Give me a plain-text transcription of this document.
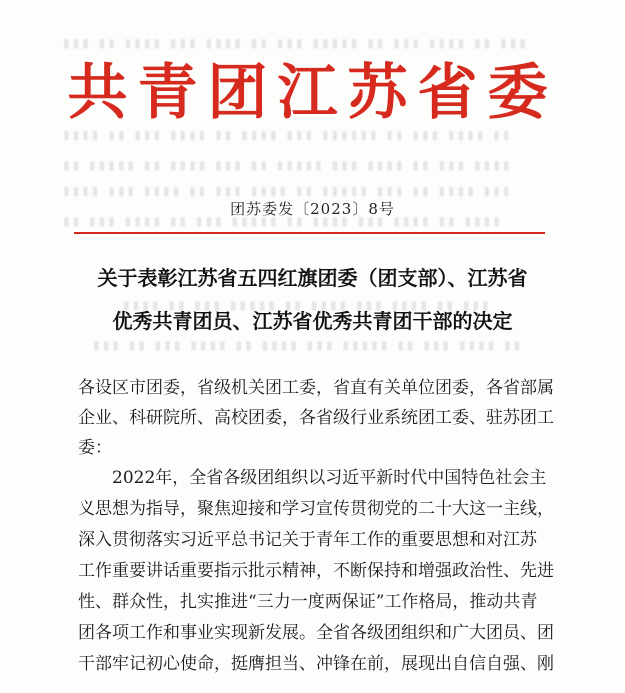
▮▮▮ ▮▮ ▮▮▮▮ ▮▮▮ ▮▮ ▮▮▮▮▮ ▮▮▮ ▮▮ ▮▮▮▮ ▮▮▮ ▮▮▮▮ ▮▮ ▮▮▮
▮▮ ▮▮▮▮ ▮▮▮ ▮▮ ▮▮▮▮▮▮ ▮▮▮ ▮▮▮▮ ▮▮ ▮▮▮▮ ▮▮▮ ▮▮ ▮▮▮▮
▮▮▮▮ ▮▮▮ ▮▮ ▮▮▮▮ ▮▮▮ ▮▮▮▮▮ ▮▮ ▮▮▮ ▮▮▮▮ ▮▮ ▮▮▮▮▮ ▮▮
▮▮▮ ▮▮▮▮ ▮▮ ▮▮▮ ▮▮▮▮▮ ▮▮ ▮▮▮▮ ▮▮▮ ▮▮ ▮▮▮▮ ▮▮▮ ▮▮▮▮
▮▮▮▮ ▮▮ ▮▮▮▮ ▮▮▮ ▮▮▮▮ ▮▮ ▮▮▮▮▮ ▮▮▮ ▮▮ ▮▮▮▮ ▮▮▮ ▮▮
▮▮▮ ▮▮ ▮▮▮▮ ▮▮▮ ▮▮▮▮ ▮▮ ▮▮▮▮▮ ▮▮▮ ▮▮ ▮▮▮▮
▮▮ ▮▮▮▮ ▮▮▮ ▮▮ ▮▮▮▮▮ ▮▮▮ ▮▮▮▮ ▮▮ ▮▮▮▮ ▮▮▮ ▮▮ ▮▮▮
共青团江苏省委
团苏委发〔2023〕8号
关于表彰江苏省五四红旗团委（团支部）、江苏省
优秀共青团员、江苏省优秀共青团干部的决定
各设区市团委，省级机关团工委，省直有关单位团委，各省部属
企业、科研院所、高校团委，各省级行业系统团工委、驻苏团工
委：
2022年，全省各级团组织以习近平新时代中国特色社会主
义思想为指导，聚焦迎接和学习宣传贯彻党的二十大这一主线，
深入贯彻落实习近平总书记关于青年工作的重要思想和对江苏
工作重要讲话重要指示批示精神，不断保持和增强政治性、先进
性、群众性，扎实推进“三力一度两保证”工作格局，推动共青
团各项工作和事业实现新发展。全省各级团组织和广大团员、团
干部牢记初心使命，挺膺担当、冲锋在前，展现出自信自强、刚
